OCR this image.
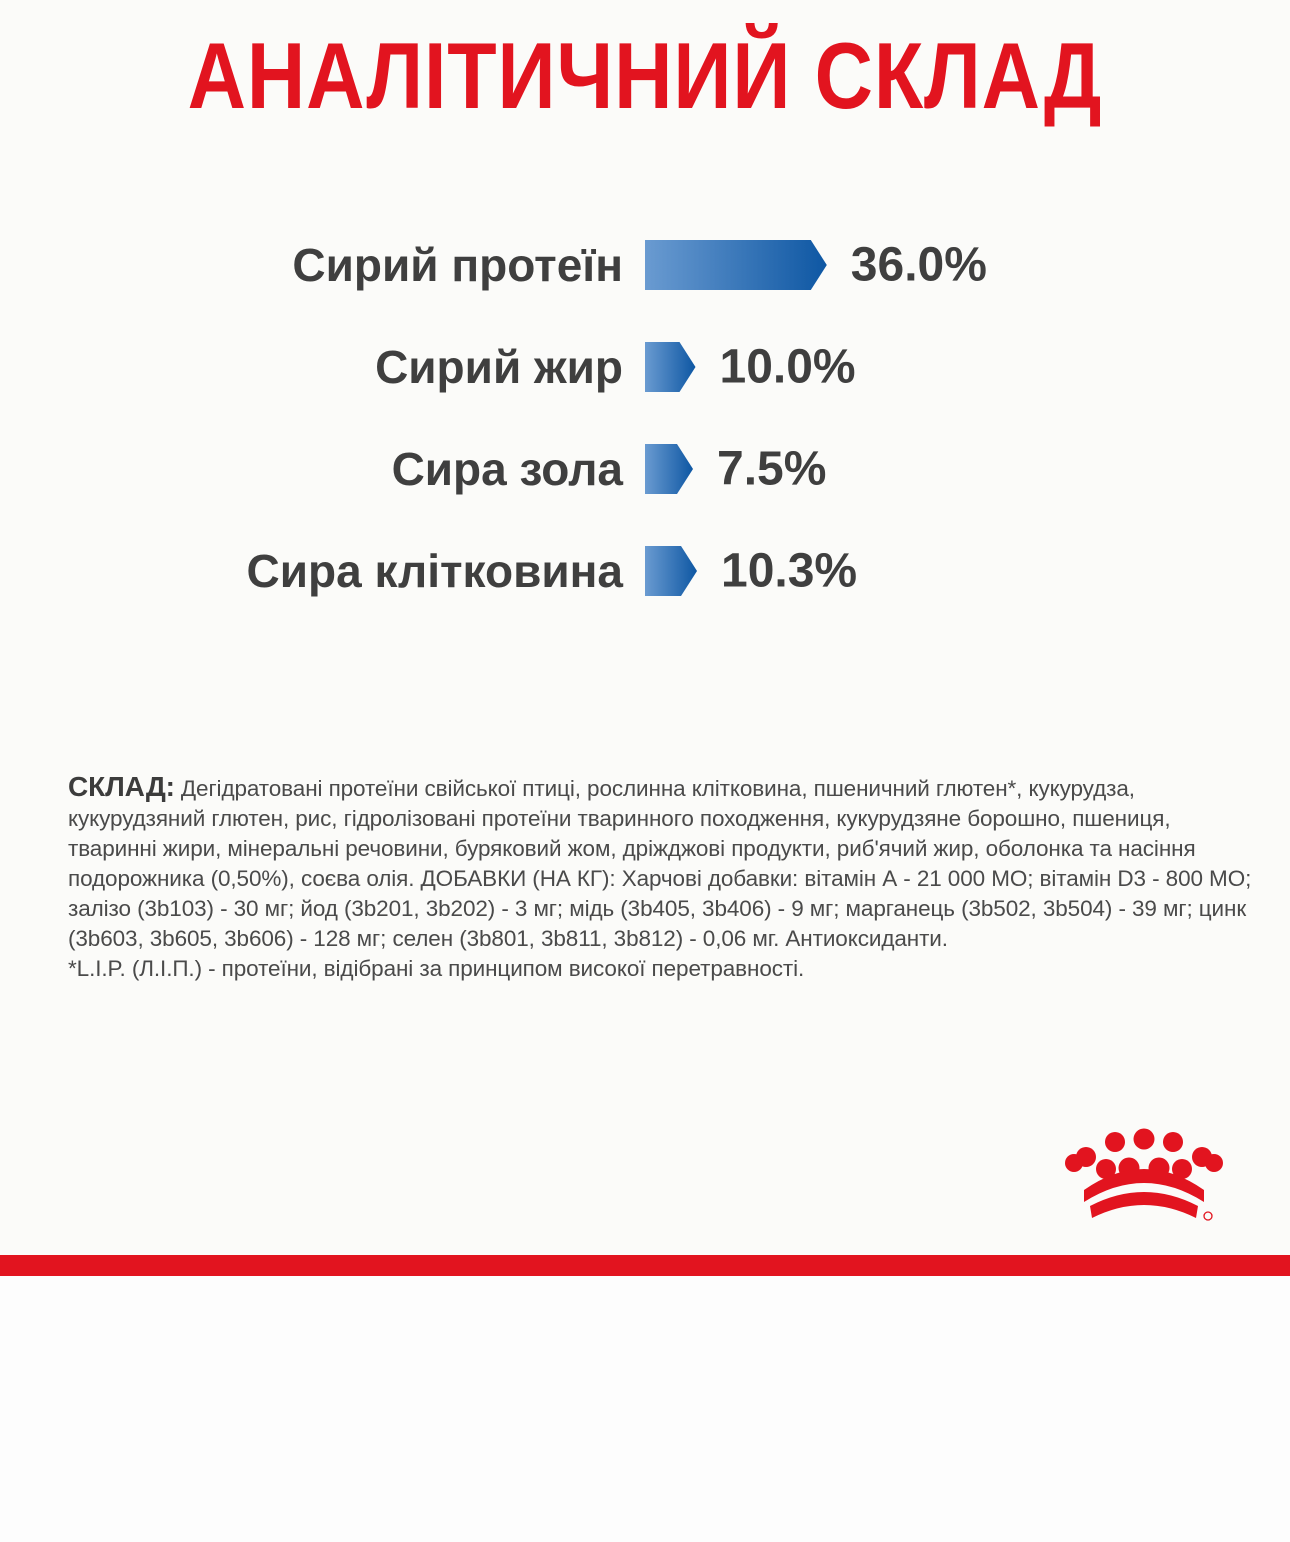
АНАЛІТИЧНИЙ СКЛАД
Сирий протеїн	36.0%
Сирий жир 10.0%
Сира зола 7.5%
Сира клітковина 10.3%
СКЛАД: Дегідратовані протеїни свійської птиці, рослинна клітковина, пшеничний глютен*, кукурудза,
кукурудзяний глютен, рис, гідролізовані протеїни тваринного походження, кукурудзяне борошно, пшениця,
тваринні жири, мінеральні речовини, буряковий жом, дріжджові продукти, риб'ячий жир, оболонка та насіння
подорожника (0,50%), соєва олія. ДОБАВКИ (НА КГ): Харчові добавки: вітамін А - 21 000 МО; вітамін D3 - 800 МО;
залізо (3b103) - 30 мг; йод (3b201, 3b202) - 3 мг; мідь (3b405, 3b406) - 9 мг; марганець (3b502, 3b504) - 39 мг; цинк
(3b603, 3b605, 3b606) - 128 мг; селен (3b801, 3b811, 3b812) - 0,06 мг. Антиоксиданти.
*L.I.P. (Л.І.П.) - протеїни, відібрані за принципом високої перетравності.
